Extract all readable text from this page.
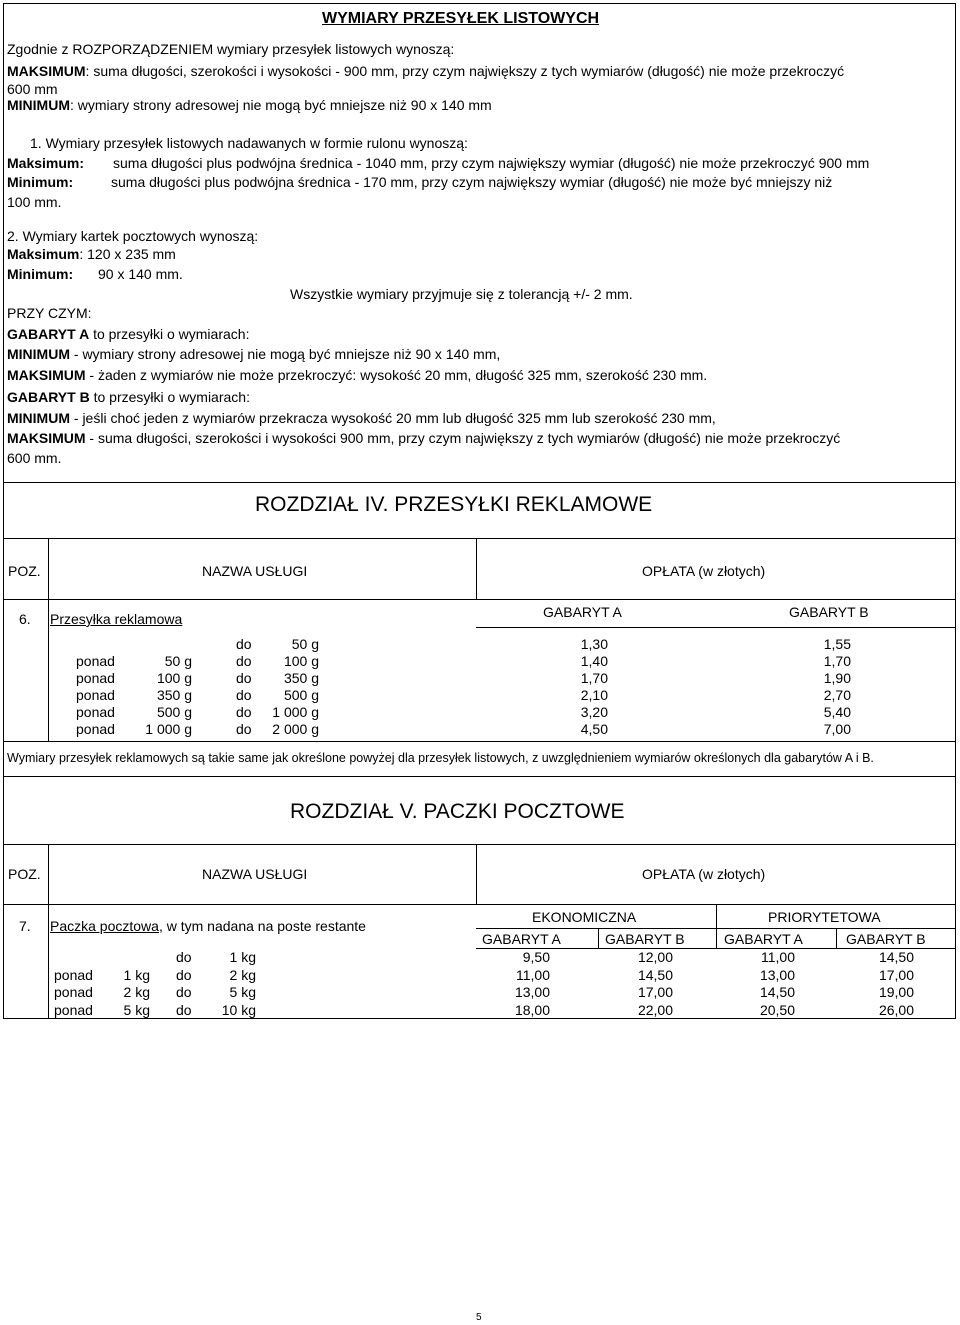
WYMIARY PRZESYŁEK LISTOWYCH
Zgodnie z ROZPORZĄDZENIEM wymiary przesyłek listowych wynoszą:
MAKSIMUM: suma długości, szerokości i wysokości - 900 mm, przy czym największy z tych wymiarów (długość) nie może przekroczyć
600 mm
MINIMUM: wymiary strony adresowej nie mogą być mniejsze niż 90 x 140 mm
1. Wymiary przesyłek listowych nadawanych w formie rulonu wynoszą:
Maksimum: suma długości plus podwójna średnica - 1040 mm, przy czym największy wymiar (długość) nie może przekroczyć 900 mm
Minimum:	suma długości plus podwójna średnica - 170 mm, przy czym największy wymiar (długość) nie może być mniejszy niż
100 mm.
2. Wymiary kartek pocztowych wynoszą:
Maksimum: 120 x 235 mm
Minimum: 90 x 140 mm.
Wszystkie wymiary przyjmuje się z tolerancją +/- 2 mm.
PRZY CZYM:
GABARYT A to przesyłki o wymiarach:
MINIMUM - wymiary strony adresowej nie mogą być mniejsze niż 90 x 140 mm,
MAKSIMUM - żaden z wymiarów nie może przekroczyć: wysokość 20 mm, długość 325 mm, szerokość 230 mm.
GABARYT B to przesyłki o wymiarach:
MINIMUM - jeśli choć jeden z wymiarów przekracza wysokość 20 mm lub długość 325 mm lub szerokość 230 mm,
MAKSIMUM - suma długości, szerokości i wysokości 900 mm, przy czym największy z tych wymiarów (długość) nie może przekroczyć
600 mm.
ROZDZIAŁ IV. PRZESYŁKI REKLAMOWE
POZ.	NAZWA USŁUGI	OPŁATA (w złotych)
6. Przesyłka reklamowa	GABARYT A	GABARYT B
do	50 g	1,30	1,55
ponad	50 g	do	100 g	1,40	1,70
ponad	100 g	do	350 g	1,70	1,90
ponad	350 g	do	500 g	2,10	2,70
ponad	500 g	do	1 000 g	3,20	5,40
ponad	1 000 g	do	2 000 g	4,50	7,00
Wymiary przesyłek reklamowych są takie same jak określone powyżej dla przesyłek listowych, z uwzględnieniem wymiarów określonych dla gabarytów A i B.
ROZDZIAŁ V. PACZKI POCZTOWE
POZ.	NAZWA USŁUGI	OPŁATA (w złotych)
7. Paczka pocztowa, w tym nadana na poste restante
EKONOMICZNA	PRIORYTETOWA
GABARYT A	GABARYT B	GABARYT A	GABARYT B
do	1 kg	9,50	12,00	11,00	14,50
ponad	1 kg do	2 kg	11,00	14,50	13,00	17,00
ponad	2 kg do	5 kg	13,00	17,00	14,50	19,00
ponad	5 kg do	10 kg	18,00	22,00	20,50	26,00
5
